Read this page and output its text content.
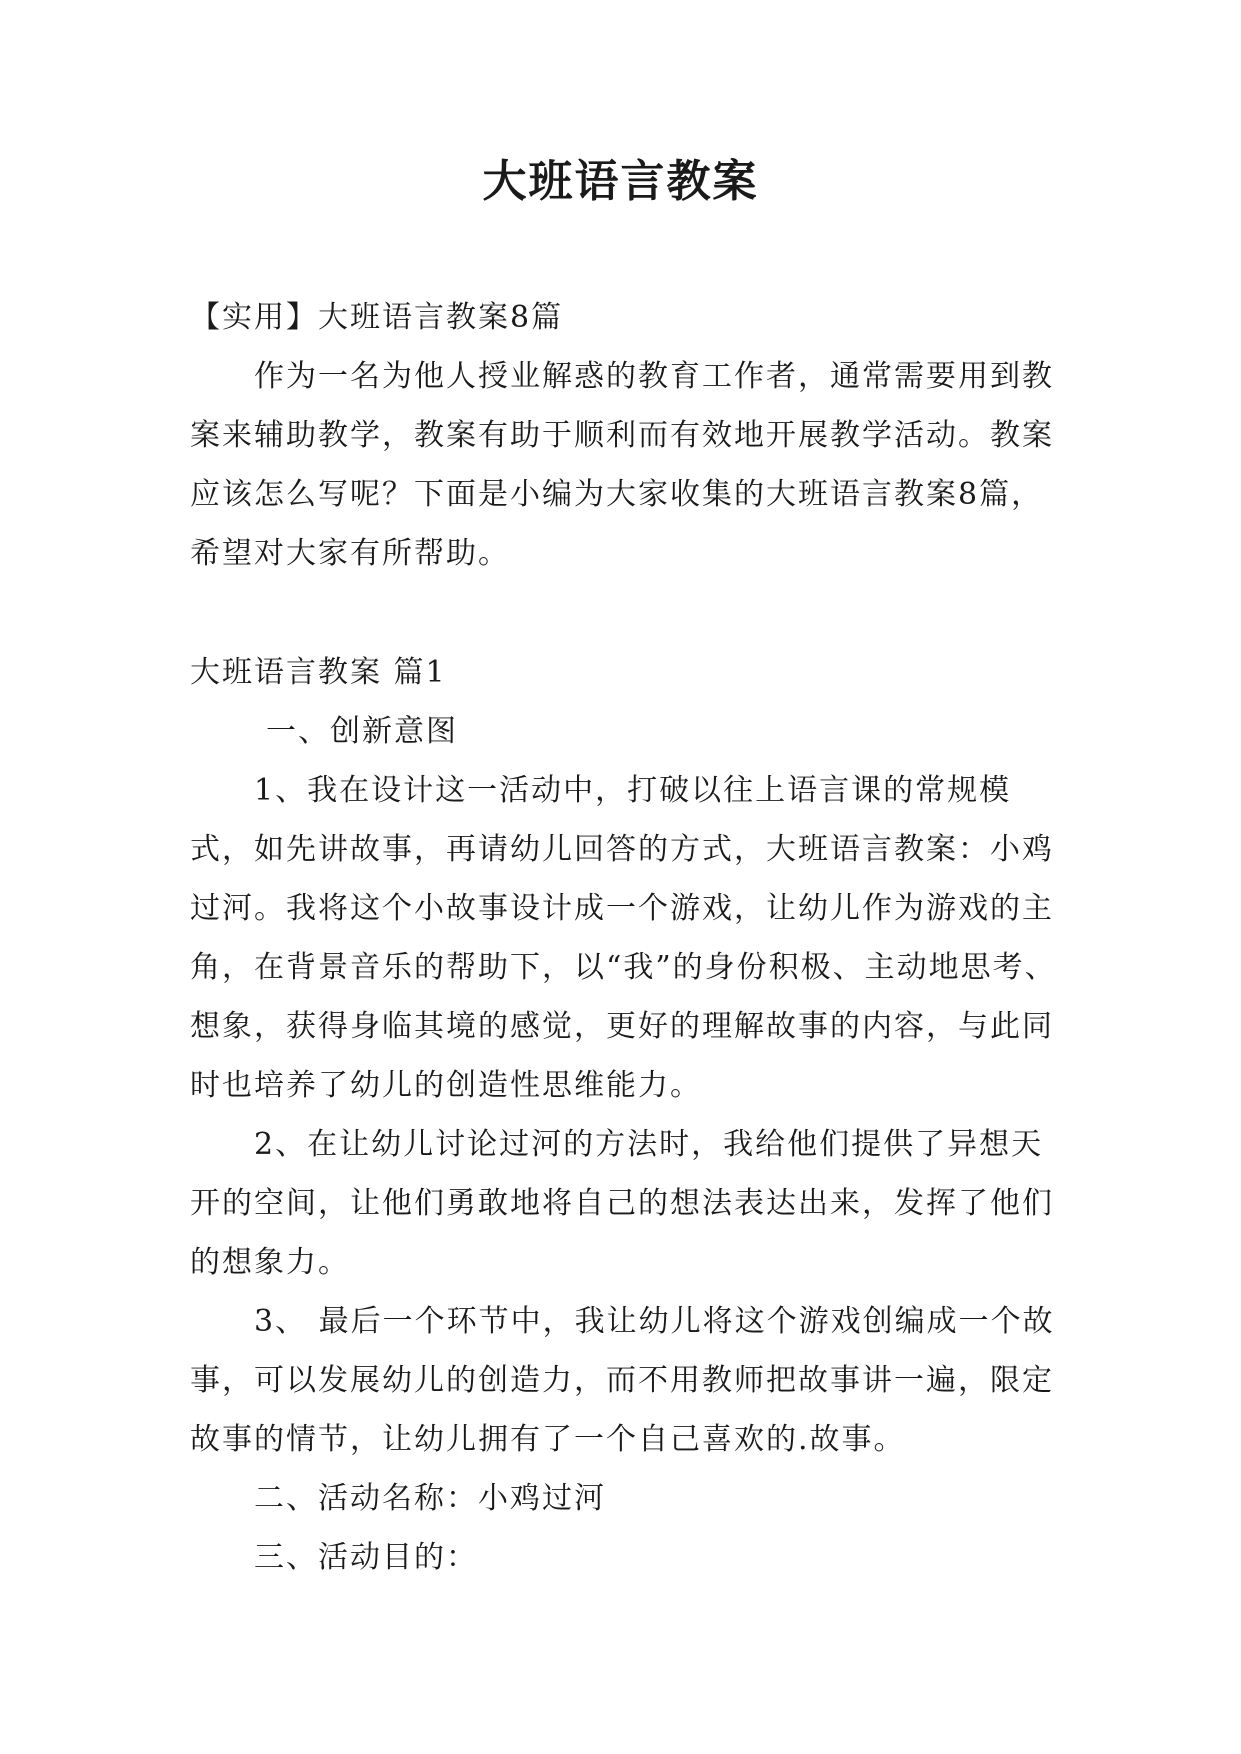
大班语言教案

【实用】大班语言教案8篇

作为一名为他人授业解惑的教育工作者，通常需要用到教案来辅助教学，教案有助于顺利而有效地开展教学活动。教案应该怎么写呢？下面是小编为大家收集的大班语言教案8篇，希望对大家有所帮助。

大班语言教案 篇1

一、创新意图

1、我在设计这一活动中，打破以往上语言课的常规模式，如先讲故事，再请幼儿回答的方式，大班语言教案：小鸡过河。我将这个小故事设计成一个游戏，让幼儿作为游戏的主角，在背景音乐的帮助下，以“我”的身份积极、主动地思考、想象，获得身临其境的感觉，更好的理解故事的内容，与此同时也培养了幼儿的创造性思维能力。

2、在让幼儿讨论过河的方法时，我给他们提供了异想天开的空间，让他们勇敢地将自己的想法表达出来，发挥了他们的想象力。

3、 最后一个环节中，我让幼儿将这个游戏创编成一个故事，可以发展幼儿的创造力，而不用教师把故事讲一遍，限定故事的情节，让幼儿拥有了一个自己喜欢的.故事。

二、活动名称：小鸡过河

三、活动目的：
